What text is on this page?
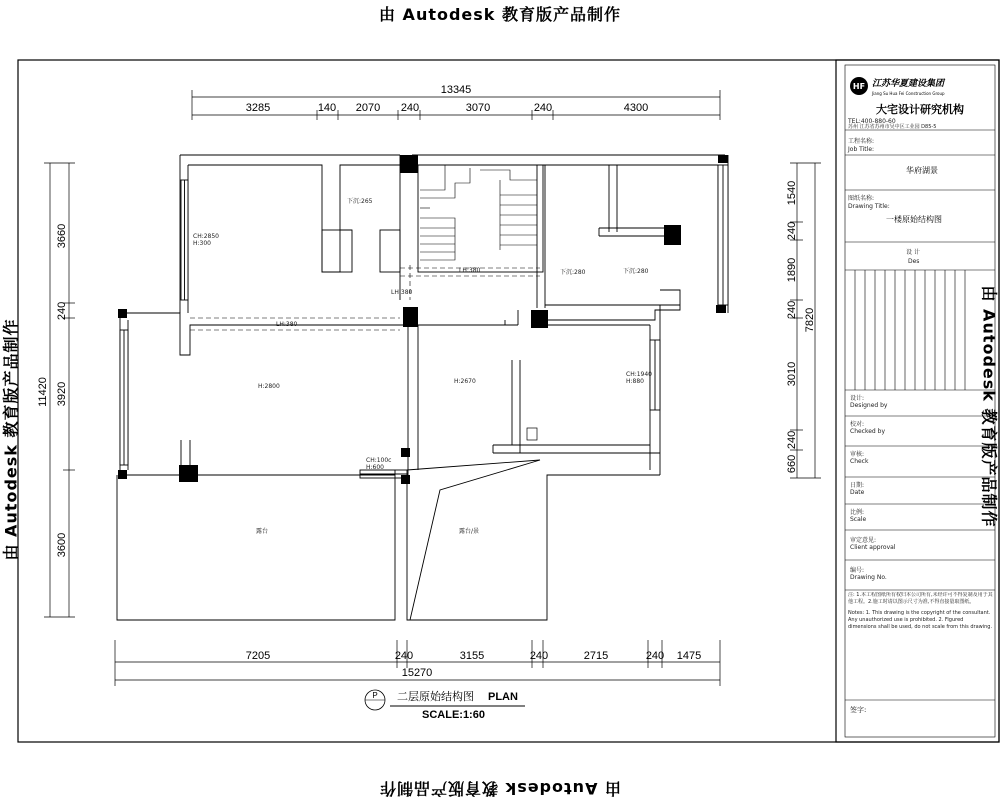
由 Autodesk 教育版产品制作
由 Autodesk 教育版产品制作
由 Autodesk 教育版产品制作	由 Autodesk 教育版产品制作
13345
3285	140 2070 240	3070	240	4300
7205	240	3155	240	2715	240 1475
15270
11420
3660
240
3920
3600
1540
240
1890
240
3010
240
660
7820
CH:2850 H:300
下沉:265
LH:380
LH:380
LH:380
下沉:280	下沉:280
H:2800
H:2670
CH:1940 H:880
CH:100c H:600
露台	露台/景
P 二层原始结构图 PLAN
SCALE:1:60
HF 江苏华夏建设集团
Jiang Su Hua Fei Construction Group
大宅设计研究机构
TEL:400-880-60
苏州 江苏省苏州市吴中区工业园 D85-5
工程名称:
Job Title:
华府湖景
图纸名称:
Drawing Title:
一楼原始结构图
设 计
Des
设计: Designed by
校对: Checked by
审核: Check
日期: Date
比例: Scale
审定意见: Client approval
编号: Drawing No.
注: 1.本工程图纸所有权归本公司所有,未经许可不得复制及用于其他工程。2.施工时请以图示尺寸为准,不得直接量取图纸。
Notes: 1. This drawing is the copyright of the consultant. Any unauthorized use is prohibited. 2. Figured dimensions shall be used, do not scale from this drawing.
签字:
